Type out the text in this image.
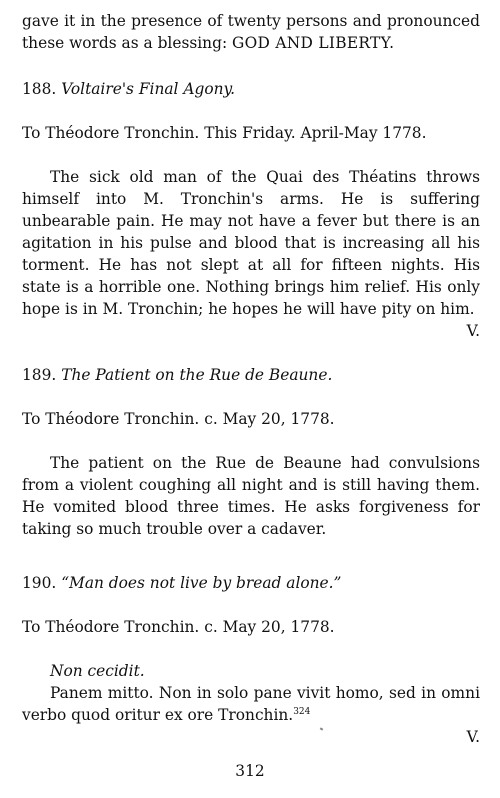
gave it in the presence of twenty persons and pronounced these words as a blessing: GOD AND LIBERTY.

188. Voltaire's Final Agony.

To Théodore Tronchin. This Friday. April-May 1778.

The sick old man of the Quai des Théatins throws himself into M. Tronchin's arms. He is suffering unbearable pain. He may not have a fever but there is an agitation in his pulse and blood that is increasing all his torment. He has not slept at all for fifteen nights. His state is a horrible one. Nothing brings him relief. His only hope is in M. Tronchin; he hopes he will have pity on him.

V.

189. The Patient on the Rue de Beaune.

To Théodore Tronchin. c. May 20, 1778.

The patient on the Rue de Beaune had convulsions from a violent coughing all night and is still having them. He vomited blood three times. He asks forgiveness for taking so much trouble over a cadaver.

190. “Man does not live by bread alone.”

To Théodore Tronchin. c. May 20, 1778.

Non cecidit.

Panem mitto. Non in solo pane vivit homo, sed in omni verbo quod oritur ex ore Tronchin.$^{324}$

V.

312
